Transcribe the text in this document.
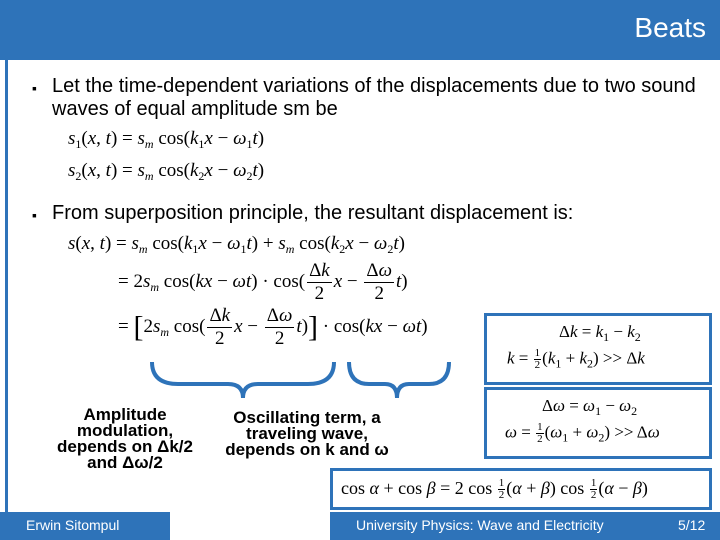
Beats
▪ Let the time-dependent variations of the displacements due to two sound waves of equal amplitude sm be
$s_1(x$, $t) = s_m$ $\cos(k_1x - \omega_1t)$
$s_2(x$, $t) = s_m$ $\cos(k_2x - \omega_2t)$
▪ From superposition principle, the resultant displacement is:
s(x, $t) = s_m$ $\cos(k_1x - \omega_1t) + s_m$ $\cos(k_2x - \omega_2t)$
= $2s_m$ $\cos(kx - \omega t) \cdot \cos( \frac{\Delta k}{2}$ $x - \frac{\Delta\omega}{2} t$)
= [$2s_m$ $\cos( \frac{\Delta k}{2}$ $x - \frac{\Delta\omega}{2} t)] \cdot \cos(kx - \omega t)$
Amplitude modulation, depends on Δk/2 and Δω/2
Oscillating term, a traveling wave, depends on k and ω
$\Delta k = k_1 - k_2$
$k = \frac{1}{2} (k_1 + k_2) >> \Delta k$
$\Delta\omega = \omega_1 - \omega_2$
$\omega = \frac{1}{2} (\omega_1 + \omega_2) >> \Delta\omega$
cos α + cos β = 2 $\cos \frac{1}{2} (\alpha + \beta)$ $\cos \frac{1}{2} (\alpha - \beta)$
Erwin Sitompul	University Physics: Wave and Electricity	5/12
